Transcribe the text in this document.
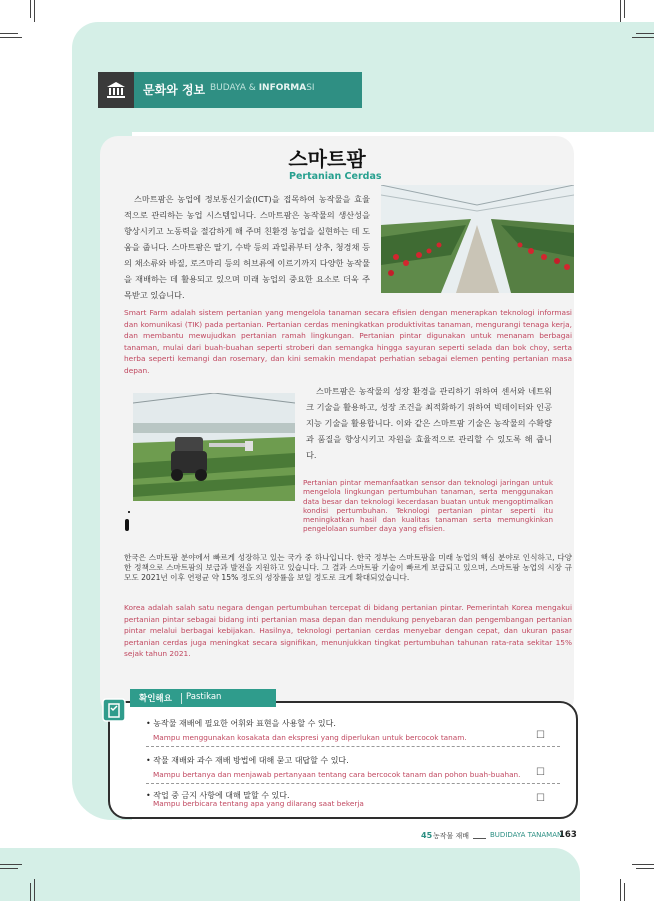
문화와 정보 BUDAYA & INFORMASI
스마트팜
Pertanian Cerdas
스마트팜은 농업에 정보통신기술(ICT)을 접목하여 농작물을 효율적으로 관리하는 농업 시스템입니다. 스마트팜은 농작물의 생산성을 향상시키고 노동력을 절감하게 해 주며 친환경 농업을 실현하는 데 도움을 줍니다. 스마트팜은 딸기, 수박 등의 과일류부터 상추, 청경채 등의 채소류와 바질, 로즈마리 등의 허브류에 이르기까지 다양한 농작물을 재배하는 데 활용되고 있으며 미래 농업의 중요한 요소로 더욱 주목받고 있습니다.
Smart Farm adalah sistem pertanian yang mengelola tanaman secara efisien dengan menerapkan teknologi informasi dan komunikasi (TIK) pada pertanian. Pertanian cerdas meningkatkan produktivitas tanaman, mengurangi tenaga kerja, dan membantu mewujudkan pertanian ramah lingkungan. Pertanian pintar digunakan untuk menanam berbagai tanaman, mulai dari buah-buahan seperti stroberi dan semangka hingga sayuran seperti selada dan bok choy, serta herba seperti kemangi dan rosemary, dan kini semakin mendapat perhatian sebagai elemen penting pertanian masa depan.
스마트팜은 농작물의 성장 환경을 관리하기 위하여 센서와 네트워크 기술을 활용하고, 성장 조건을 최적화하기 위하여 빅데이터와 인공지능 기술을 활용합니다. 이와 같은 스마트팜 기술은 농작물의 수확량과 품질을 향상시키고 자원을 효율적으로 관리할 수 있도록 해 줍니다.
Pertanian pintar memanfaatkan sensor dan teknologi jaringan untuk mengelola lingkungan pertumbuhan tanaman, serta menggunakan data besar dan teknologi kecerdasan buatan untuk mengoptimalkan kondisi pertumbuhan. Teknologi pertanian pintar seperti itu meningkatkan hasil dan kualitas tanaman serta memungkinkan pengelolaan sumber daya yang efisien.
한국은 스마트팜 분야에서 빠르게 성장하고 있는 국가 중 하나입니다. 한국 정부는 스마트팜을 미래 농업의 핵심 분야로 인식하고, 다양한 정책으로 스마트팜의 보급과 발전을 지원하고 있습니다. 그 결과 스마트팜 기술이 빠르게 보급되고 있으며, 스마트팜 농업의 시장 규모도 2021년 이후 연평균 약 15% 정도의 성장률을 보일 정도로 크게 확대되었습니다.
Korea adalah salah satu negara dengan pertumbuhan tercepat di bidang pertanian pintar. Pemerintah Korea mengakui pertanian pintar sebagai bidang inti pertanian masa depan dan mendukung penyebaran dan pengembangan pertanian pintar melalui berbagai kebijakan. Hasilnya, teknologi pertanian cerdas menyebar dengan cepat, dan ukuran pasar pertanian cerdas juga meningkat secara signifikan, menunjukkan tingkat pertumbuhan tahunan rata-rata sekitar 15% sejak tahun 2021.
확인해요 Pastikan
• 농작물 재배에 필요한 어휘와 표현을 사용할 수 있다.
Mampu menggunakan kosakata dan ekspresi yang diperlukan untuk bercocok tanam.	☐
• 작물 재배와 과수 재배 방법에 대해 묻고 대답할 수 있다.
Mampu bertanya dan menjawab pertanyaan tentang cara bercocok tanam dan pohon buah-buahan. ☐
• 작업 중 금지 사항에 대해 말할 수 있다.
Mampu berbicara tentang apa yang dilarang saat bekerja	☐
45 농작물 재배	BUDIDAYA TANAMAN
163
